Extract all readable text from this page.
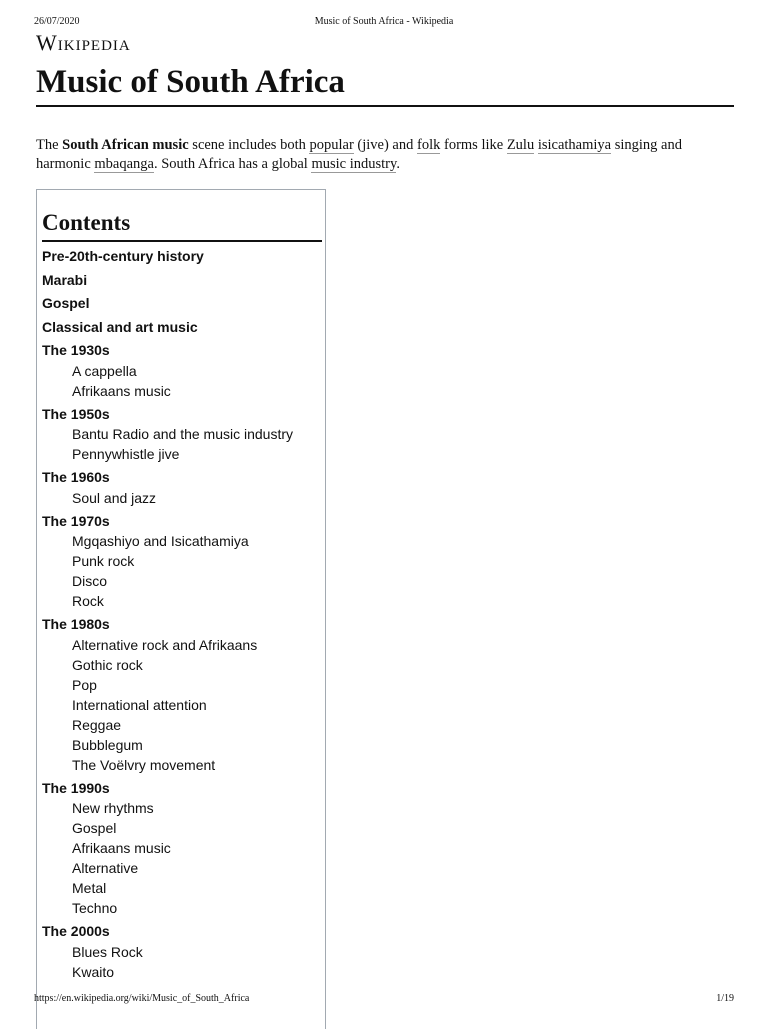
26/07/2020	Music of South Africa - Wikipedia
Wikipedia
Music of South Africa

The South African music scene includes both popular (jive) and folk forms like Zulu isicathamiya singing and harmonic mbaqanga. South Africa has a global music industry.

Contents
Pre-20th-century history
Marabi
Gospel
Classical and art music
The 1930s
A cappella
Afrikaans music
The 1950s
Bantu Radio and the music industry
Pennywhistle jive
The 1960s
Soul and jazz
The 1970s
Mgqashiyo and Isicathamiya
Punk rock
Disco
Rock
The 1980s
Alternative rock and Afrikaans
Gothic rock
Pop
International attention
Reggae
Bubblegum
The Voëlvry movement
The 1990s
New rhythms
Gospel
Afrikaans music
Alternative
Metal
Techno
The 2000s
Blues Rock
Kwaito
https://en.wikipedia.org/wiki/Music_of_South_Africa	1/19
